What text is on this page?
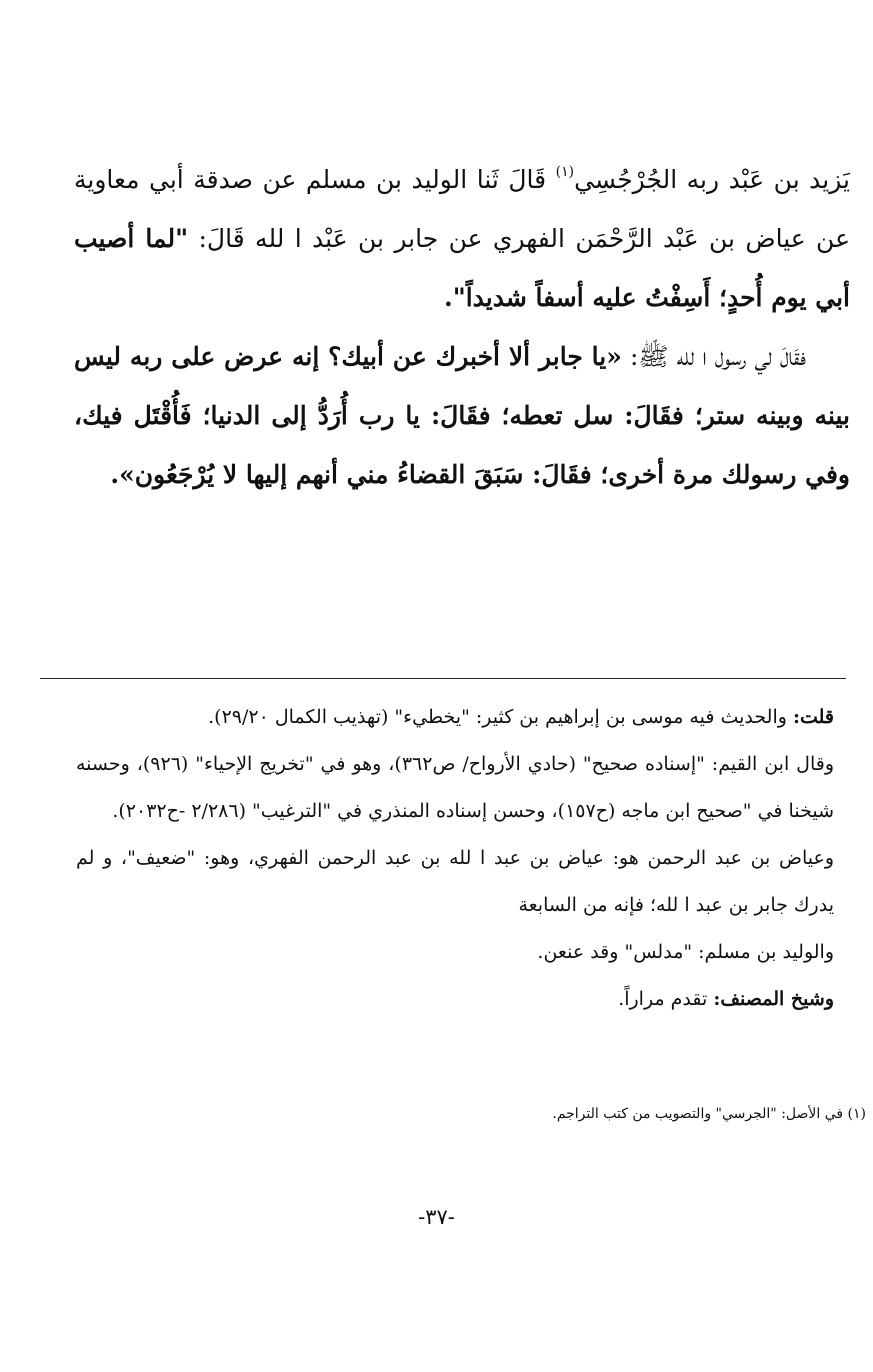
يَزيد بن عَبْد ربه الجُرْجُسِي$^{(١)}$ قَالَ ثَنا الوليد بن مسلم عن صدقة أبي معاوية عن عياض بن عَبْد الرَّحْمَن الفهري عن جابر بن عَبْد ا لله قَالَ: "لما أصيب أبي يوم أُحدٍ؛ أَسِفْتُ عليه أسفاً شديداً".

فقَالَ لي رسول ا لله ﷺ: «يا جابر ألا أخبرك عن أبيك؟ إنه عرض على ربه ليس بينه وبينه ستر؛ فقَالَ: سل تعطه؛ فقَالَ: يا رب أُرَدُّ إلى الدنيا؛ فَأُقْتَل فيك، وفي رسولك مرة أخرى؛ فقَالَ: سَبَقَ القضاءُ مني أنهم إليها لا يُرْجَعُون».

قلت: والحديث فيه موسى بن إبراهيم بن كثير: "يخطيء" (تهذيب الكمال ٢٩/٢٠).

وقال ابن القيم: "إسناده صحيح" (حادي الأرواح/ ص٣٦٢)، وهو في "تخريج الإحياء" (٩٢٦)، وحسنه شيخنا في "صحيح ابن ماجه (ح١٥٧)، وحسن إسناده المنذري في "الترغيب" (٢/٢٨٦ -ح٢٠٣٢).

وعياض بن عبد الرحمن هو: عياض بن عبد ا لله بن عبد الرحمن الفهري، وهو: "ضعيف"، و لم يدرك جابر بن عبد ا لله؛ فإنه من السابعة

والوليد بن مسلم: "مدلس" وقد عنعن.

وشيخ المصنف: تقدم مراراً.

(١) في الأصل: "الجرسي" والتصويب من كتب التراجم.
-٣٧-
